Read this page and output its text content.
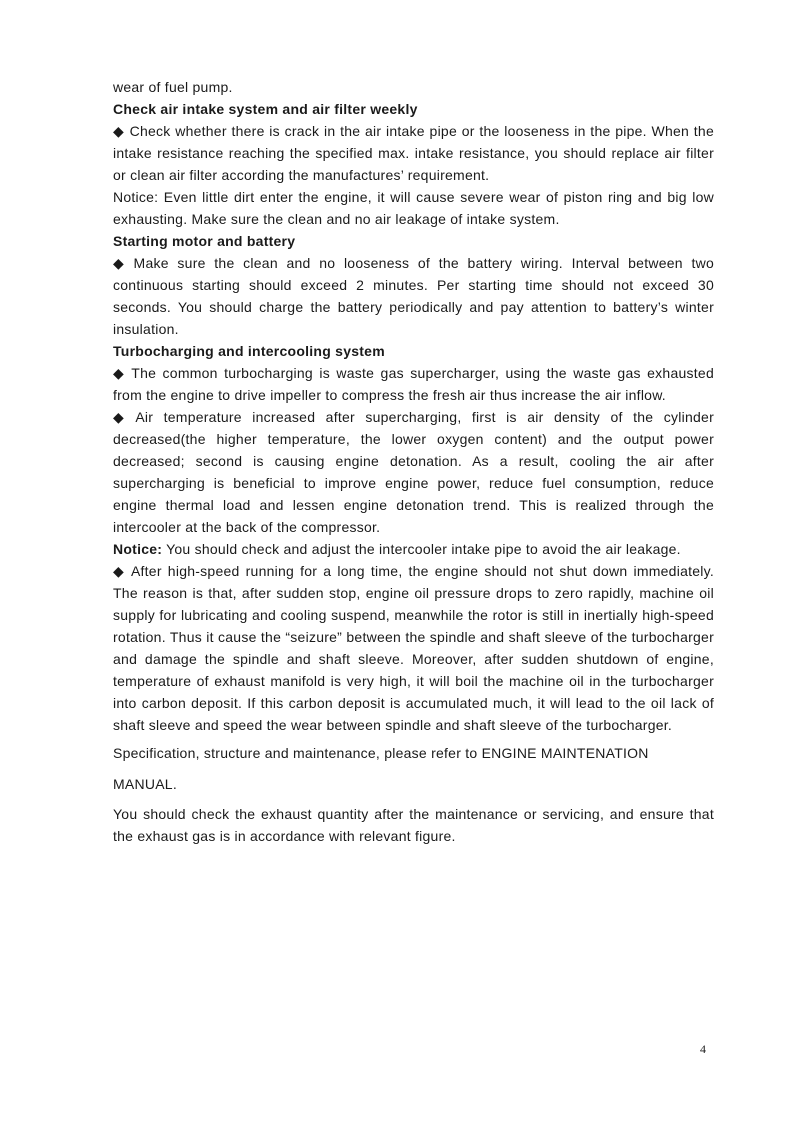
wear of fuel pump.

Check air intake system and air filter weekly

◆ Check whether there is crack in the air intake pipe or the looseness in the pipe. When the intake resistance reaching the specified max. intake resistance, you should replace air filter or clean air filter according the manufactures’ requirement.

Notice: Even little dirt enter the engine, it will cause severe wear of piston ring and big low exhausting. Make sure the clean and no air leakage of intake system.

Starting motor and battery

◆ Make sure the clean and no looseness of the battery wiring. Interval between two continuous starting should exceed 2 minutes. Per starting time should not exceed 30 seconds. You should charge the battery periodically and pay attention to battery’s winter insulation.

Turbocharging and intercooling system

◆ The common turbocharging is waste gas supercharger, using the waste gas exhausted from the engine to drive impeller to compress the fresh air thus increase the air inflow.

◆ Air temperature increased after supercharging, first is air density of the cylinder decreased(the higher temperature, the lower oxygen content) and the output power decreased; second is causing engine detonation. As a result, cooling the air after supercharging is beneficial to improve engine power, reduce fuel consumption, reduce engine thermal load and lessen engine detonation trend. This is realized through the intercooler at the back of the compressor.

Notice: You should check and adjust the intercooler intake pipe to avoid the air leakage.

◆ After high-speed running for a long time, the engine should not shut down immediately. The reason is that, after sudden stop, engine oil pressure drops to zero rapidly, machine oil supply for lubricating and cooling suspend, meanwhile the rotor is still in inertially high-speed rotation. Thus it cause the “seizure” between the spindle and shaft sleeve of the turbocharger and damage the spindle and shaft sleeve. Moreover, after sudden shutdown of engine, temperature of exhaust manifold is very high, it will boil the machine oil in the turbocharger into carbon deposit. If this carbon deposit is accumulated much, it will lead to the oil lack of shaft sleeve and speed the wear between spindle and shaft sleeve of the turbocharger.

Specification, structure and maintenance, please refer to ENGINE MAINTENATION

MANUAL.

You should check the exhaust quantity after the maintenance or servicing, and ensure that the exhaust gas is in accordance with relevant figure.

4
